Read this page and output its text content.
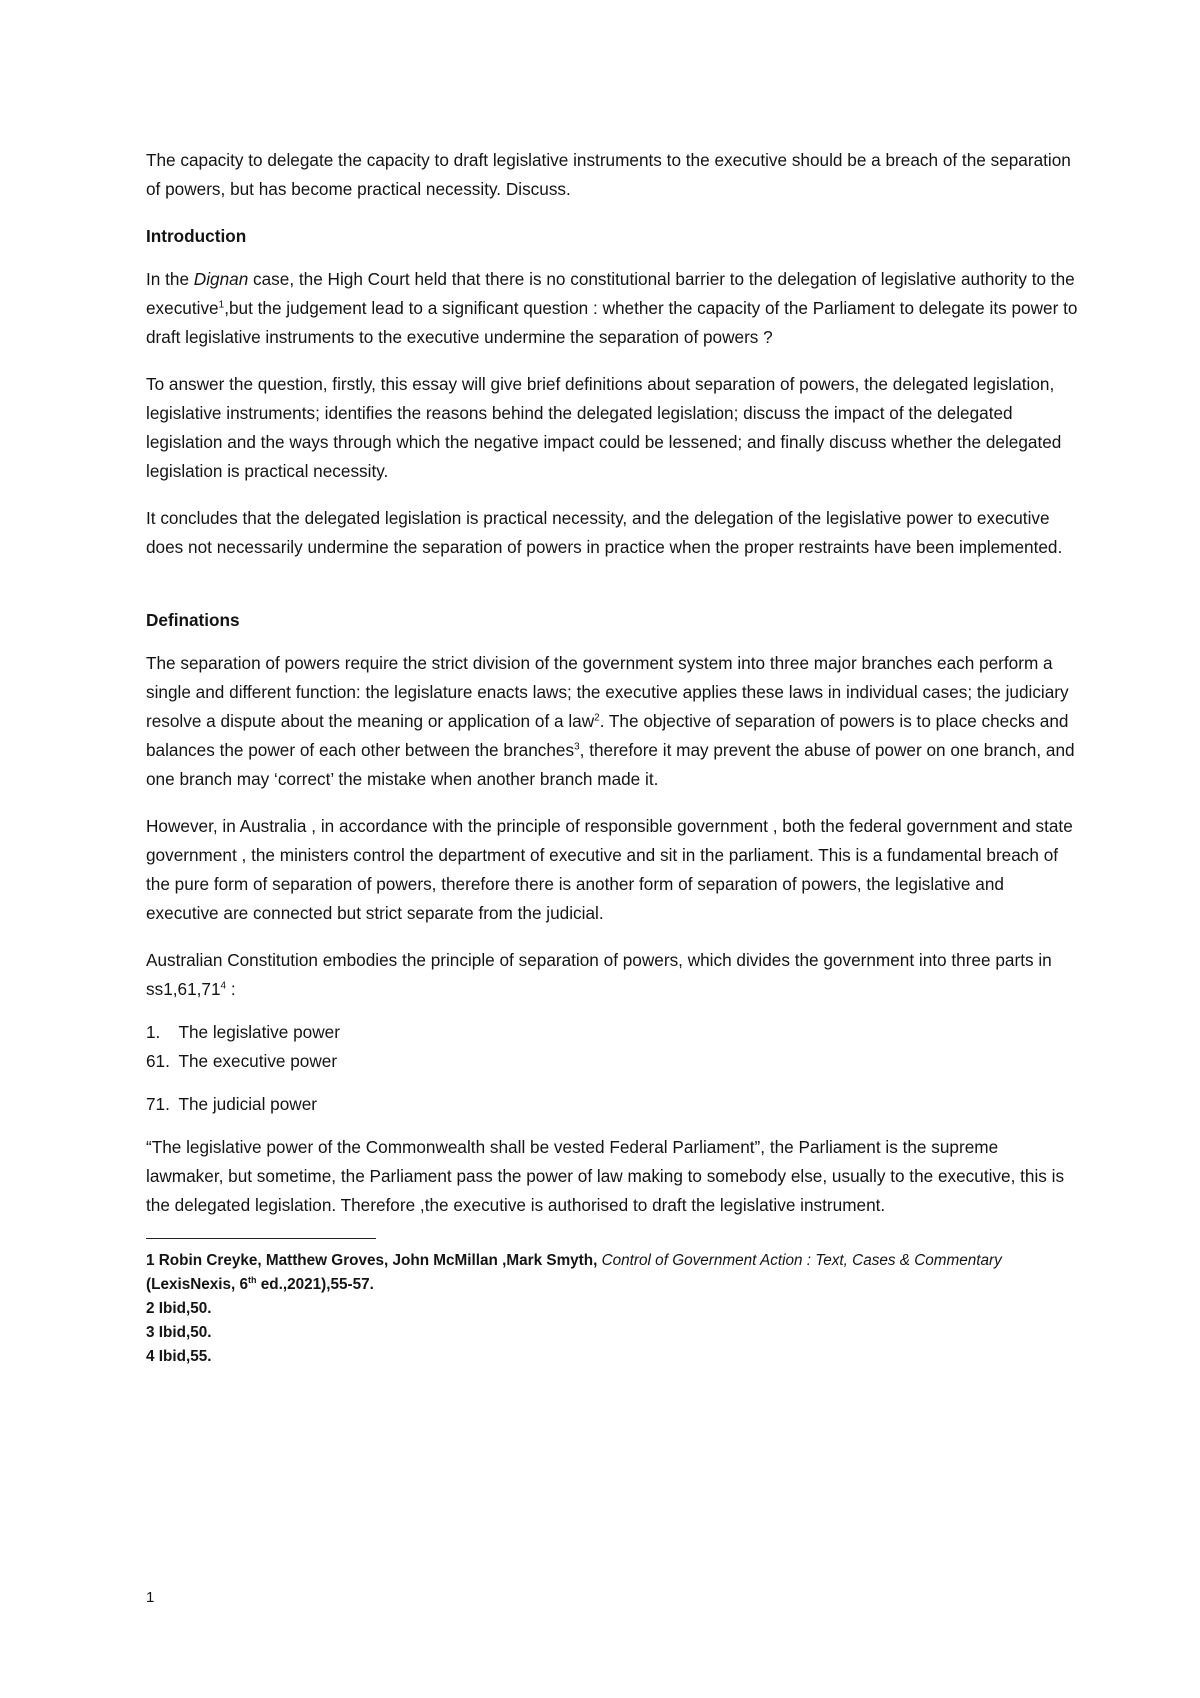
The capacity to delegate the capacity to draft legislative instruments to the executive should be a breach of the separation of powers, but has become practical necessity. Discuss.

Introduction

In the Dignan case, the High Court held that there is no constitutional barrier to the delegation of legislative authority to the executive$^1$,but the judgement lead to a significant question : whether the capacity of the Parliament to delegate its power to draft legislative instruments to the executive undermine the separation of powers ?

To answer the question, firstly, this essay will give brief definitions about separation of powers, the delegated legislation, legislative instruments; identifies the reasons behind the delegated legislation; discuss the impact of the delegated legislation and the ways through which the negative impact could be lessened; and finally discuss whether the delegated legislation is practical necessity.

It concludes that the delegated legislation is practical necessity, and the delegation of the legislative power to executive does not necessarily undermine the separation of powers in practice when the proper restraints have been implemented.

Definations

The separation of powers require the strict division of the government system into three major branches each perform a single and different function: the legislature enacts laws; the executive applies these laws in individual cases; the judiciary resolve a dispute about the meaning or application of a law$^2$. The objective of separation of powers is to place checks and balances the power of each other between the branches$^3$, therefore it may prevent the abuse of power on one branch, and one branch may ‘correct’ the mistake when another branch made it.

However, in Australia , in accordance with the principle of responsible government , both the federal government and state government , the ministers control the department of executive and sit in the parliament. This is a fundamental breach of the pure form of separation of powers, therefore there is another form of separation of powers, the legislative and executive are connected but strict separate from the judicial.

Australian Constitution embodies the principle of separation of powers, which divides the government into three parts in ss1,61,71$^4$ :

1. The legislative power
61. The executive power
71. The judicial power

“The legislative power of the Commonwealth shall be vested Federal Parliament”, the Parliament is the supreme lawmaker, but sometime, the Parliament pass the power of law making to somebody else, usually to the executive, this is the delegated legislation. Therefore ,the executive is authorised to draft the legislative instrument.

1 Robin Creyke, Matthew Groves, John McMillan ,Mark Smyth, Control of Government Action : Text, Cases & Commentary (LexisNexis, 6th ed.,2021),55-57.

2 Ibid,50.

3 Ibid,50.

4 Ibid,55.

1
